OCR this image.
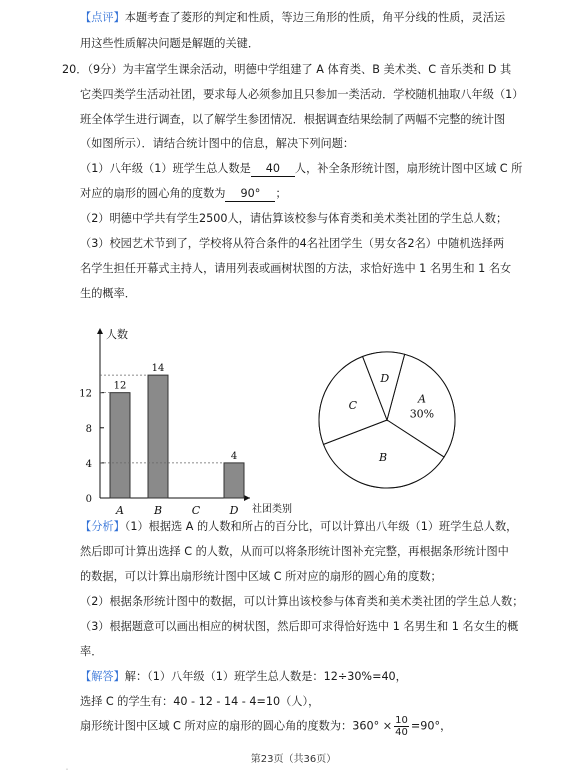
【点评】本题考查了菱形的判定和性质，等边三角形的性质，角平分线的性质，灵活运
用这些性质解决问题是解题的关键．
20．（9分）为丰富学生课余活动，明德中学组建了 A 体育类、B 美术类、C 音乐类和 D 其
它类四类学生活动社团，要求每人必须参加且只参加一类活动．学校随机抽取八年级（1）
班全体学生进行调查，以了解学生参团情况．根据调查结果绘制了两幅不完整的统计图
（如图所示）．请结合统计图中的信息，解决下列问题：
（1）八年级（1）班学生总人数是 40 人，补全条形统计图，扇形统计图中区域 C 所
对应的扇形的圆心角的度数为 90° ；
（2）明德中学共有学生2500人，请估算该校参与体育类和美术类社团的学生总人数；
（3）校园艺术节到了，学校将从符合条件的4名社团学生（男女各2名）中随机选择两
名学生担任开幕式主持人，请用列表或画树状图的方法，求恰好选中 1 名男生和 1 名女
生的概率．
人数
社团类别
0
4
8
12
12
A
14
B	C
4
D
A
30%
B
C
D
【分析】（1）根据选 A 的人数和所占的百分比，可以计算出八年级（1）班学生总人数，
然后即可计算出选择 C 的人数，从而可以将条形统计图补充完整，再根据条形统计图中
的数据，可以计算出扇形统计图中区域 C 所对应的扇形的圆心角的度数；
（2）根据条形统计图中的数据，可以计算出该校参与体育类和美术类社团的学生总人数；
（3）根据题意可以画出相应的树状图，然后即可求得恰好选中 1 名男生和 1 名女生的概
率．
【解答】解：（1）八年级（1）班学生总人数是：12÷30%=40，
选择 C 的学生有：40 - 12 - 14 - 4=10（人），
扇形统计图中区域 C 所对应的扇形的圆心角的度数为：$360^\circ \times \frac{10}{40} =90^\circ$，
第23页（共36页）
˙
